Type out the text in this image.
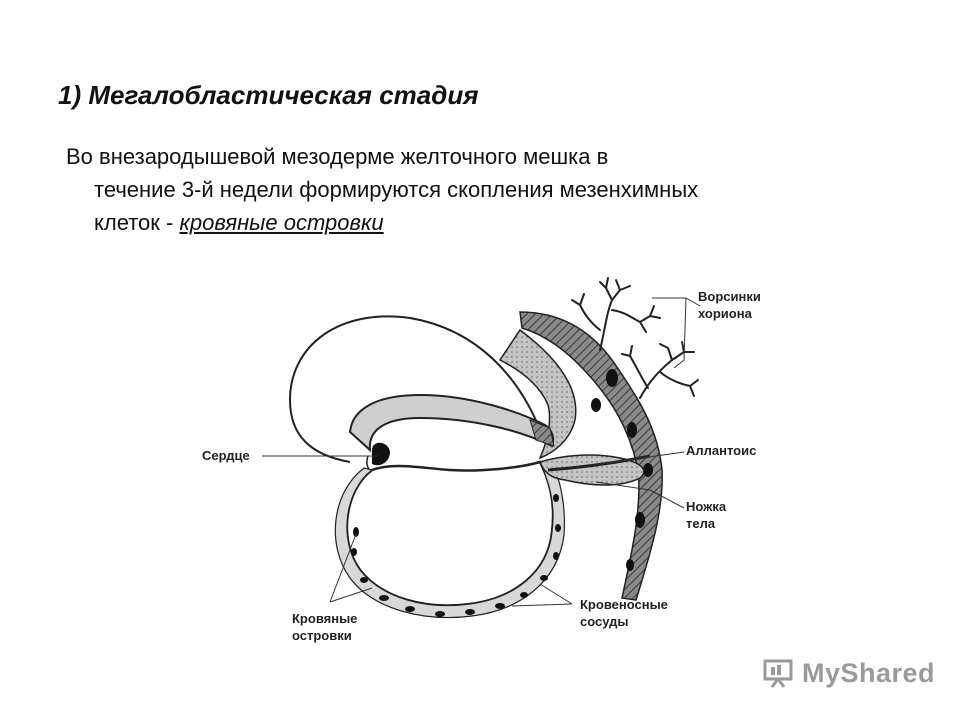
1) Мегалобластическая стадия
Во внезародышевой мезодерме желточного мешка в
течение 3-й недели формируются скопления мезенхимных
клеток - кровяные островки
Ворсинки
хориона
Сердце	Аллантоис
Ножка
тела
Кровяные
островки
Кровеносные
сосуды
MyShared
